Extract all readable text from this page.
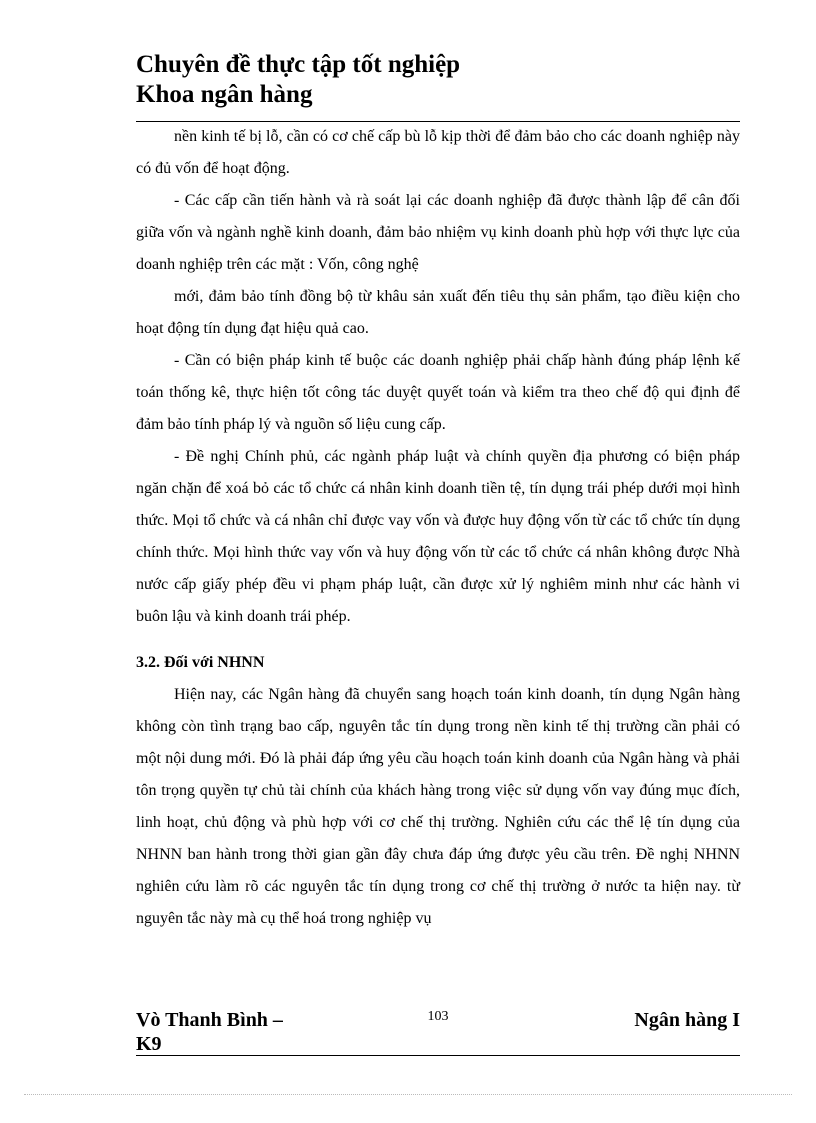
Chuyên đề thực tập tốt nghiệp
Khoa ngân hàng

nền kinh tế bị lỗ, cần có cơ chế cấp bù lỗ kịp thời để đảm bảo cho các doanh nghiệp này có đủ vốn để hoạt động.

- Các cấp cần tiến hành và rà soát lại các doanh nghiệp đã được thành lập để cân đối giữa vốn và ngành nghề kinh doanh, đảm bảo nhiệm vụ kinh doanh phù hợp với thực lực của doanh nghiệp trên các mặt : Vốn, công nghệ

mới, đảm bảo tính đồng bộ từ khâu sản xuất đến tiêu thụ sản phẩm, tạo điều kiện cho hoạt động tín dụng đạt hiệu quả cao.

- Cần có biện pháp kinh tế buộc các doanh nghiệp phải chấp hành đúng pháp lệnh kế toán thống kê, thực hiện tốt công tác duyệt quyết toán và kiểm tra theo chế độ qui định để đảm bảo tính pháp lý và nguồn số liệu cung cấp.

- Đề nghị Chính phủ, các ngành pháp luật và chính quyền địa phương có biện pháp ngăn chặn để xoá bỏ các tổ chức cá nhân kinh doanh tiền tệ, tín dụng trái phép dưới mọi hình thức. Mọi tổ chức và cá nhân chỉ được vay vốn và được huy động vốn từ các tổ chức tín dụng chính thức. Mọi hình thức vay vốn và huy động vốn từ các tổ chức cá nhân không được Nhà nước cấp giấy phép đều vi phạm pháp luật, cần được xử lý nghiêm minh như các hành vi buôn lậu và kinh doanh trái phép.

3.2. Đối với NHNN

Hiện nay, các Ngân hàng đã chuyển sang hoạch toán kinh doanh, tín dụng Ngân hàng không còn tình trạng bao cấp, nguyên tắc tín dụng trong nền kinh tế thị trường cần phải có một nội dung mới. Đó là phải đáp ứng yêu cầu hoạch toán kinh doanh của Ngân hàng và phải tôn trọng quyền tự chủ tài chính của khách hàng trong việc sử dụng vốn vay đúng mục đích, linh hoạt, chủ động và phù hợp với cơ chế thị trường. Nghiên cứu các thể lệ tín dụng của NHNN ban hành trong thời gian gần đây chưa đáp ứng được yêu cầu trên. Đề nghị NHNN nghiên cứu làm rõ các nguyên tắc tín dụng trong cơ chế thị trường ở nước ta hiện nay. từ nguyên tắc này mà cụ thể hoá trong nghiệp vụ

Vò Thanh Bình – K9
103	Ngân hàng I
